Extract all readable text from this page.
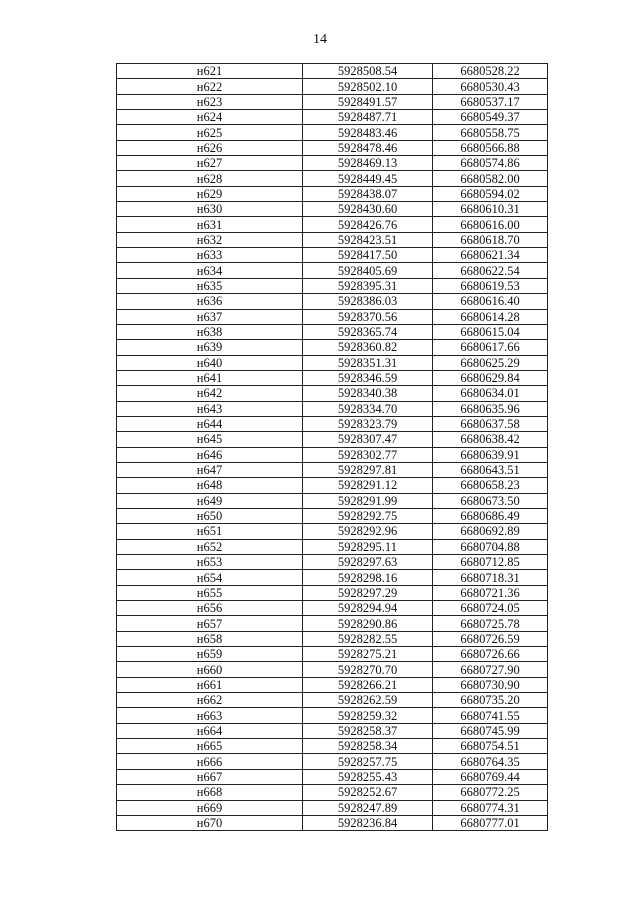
14
н621	5928508.54	6680528.22
н622	5928502.10	6680530.43
н623	5928491.57	6680537.17
н624	5928487.71	6680549.37
н625	5928483.46	6680558.75
н626	5928478.46	6680566.88
н627	5928469.13	6680574.86
н628	5928449.45	6680582.00
н629	5928438.07	6680594.02
н630	5928430.60	6680610.31
н631	5928426.76	6680616.00
н632	5928423.51	6680618.70
н633	5928417.50	6680621.34
н634	5928405.69	6680622.54
н635	5928395.31	6680619.53
н636	5928386.03	6680616.40
н637	5928370.56	6680614.28
н638	5928365.74	6680615.04
н639	5928360.82	6680617.66
н640	5928351.31	6680625.29
н641	5928346.59	6680629.84
н642	5928340.38	6680634.01
н643	5928334.70	6680635.96
н644	5928323.79	6680637.58
н645	5928307.47	6680638.42
н646	5928302.77	6680639.91
н647	5928297.81	6680643.51
н648	5928291.12	6680658.23
н649	5928291.99	6680673.50
н650	5928292.75	6680686.49
н651	5928292.96	6680692.89
н652	5928295.11	6680704.88
н653	5928297.63	6680712.85
н654	5928298.16	6680718.31
н655	5928297.29	6680721.36
н656	5928294.94	6680724.05
н657	5928290.86	6680725.78
н658	5928282.55	6680726.59
н659	5928275.21	6680726.66
н660	5928270.70	6680727.90
н661	5928266.21	6680730.90
н662	5928262.59	6680735.20
н663	5928259.32	6680741.55
н664	5928258.37	6680745.99
н665	5928258.34	6680754.51
н666	5928257.75	6680764.35
н667	5928255.43	6680769.44
н668	5928252.67	6680772.25
н669	5928247.89	6680774.31
н670	5928236.84	6680777.01
